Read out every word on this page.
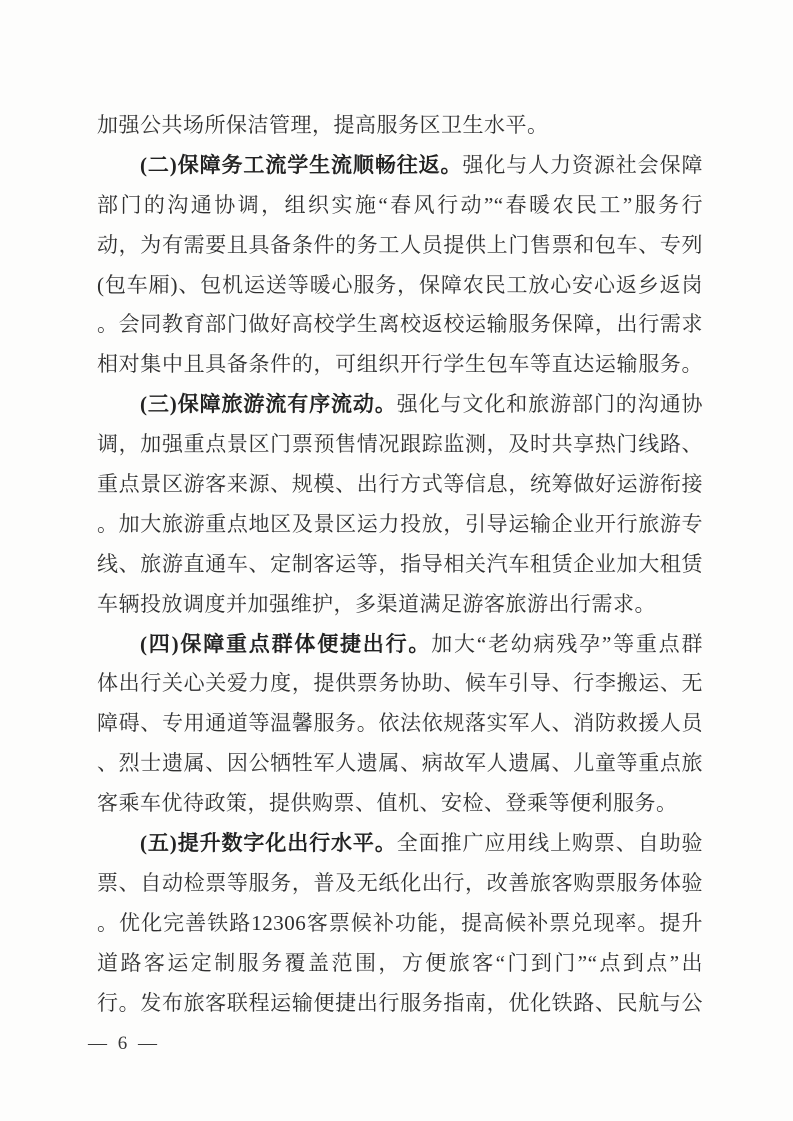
加强公共场所保洁管理，提高服务区卫生水平。
(二)保障务工流学生流顺畅往返。强化与人力资源社会保障
部门的沟通协调，组织实施“春风行动”“春暖农民工”服务行
动，为有需要且具备条件的务工人员提供上门售票和包车、专列
(包车厢)、包机运送等暖心服务，保障农民工放心安心返乡返岗
。会同教育部门做好高校学生离校返校运输服务保障，出行需求
相对集中且具备条件的，可组织开行学生包车等直达运输服务。
(三)保障旅游流有序流动。强化与文化和旅游部门的沟通协
调，加强重点景区门票预售情况跟踪监测，及时共享热门线路、
重点景区游客来源、规模、出行方式等信息，统筹做好运游衔接
。加大旅游重点地区及景区运力投放，引导运输企业开行旅游专
线、旅游直通车、定制客运等，指导相关汽车租赁企业加大租赁
车辆投放调度并加强维护，多渠道满足游客旅游出行需求。
(四)保障重点群体便捷出行。加大“老幼病残孕”等重点群
体出行关心关爱力度，提供票务协助、候车引导、行李搬运、无
障碍、专用通道等温馨服务。依法依规落实军人、消防救援人员
、烈士遗属、因公牺牲军人遗属、病故军人遗属、儿童等重点旅
客乘车优待政策，提供购票、值机、安检、登乘等便利服务。
(五)提升数字化出行水平。全面推广应用线上购票、自助验
票、自动检票等服务，普及无纸化出行，改善旅客购票服务体验
。优化完善铁路12306客票候补功能，提高候补票兑现率。提升
道路客运定制服务覆盖范围，方便旅客“门到门”“点到点”出
行。发布旅客联程运输便捷出行服务指南，优化铁路、民航与公
— 6 —
